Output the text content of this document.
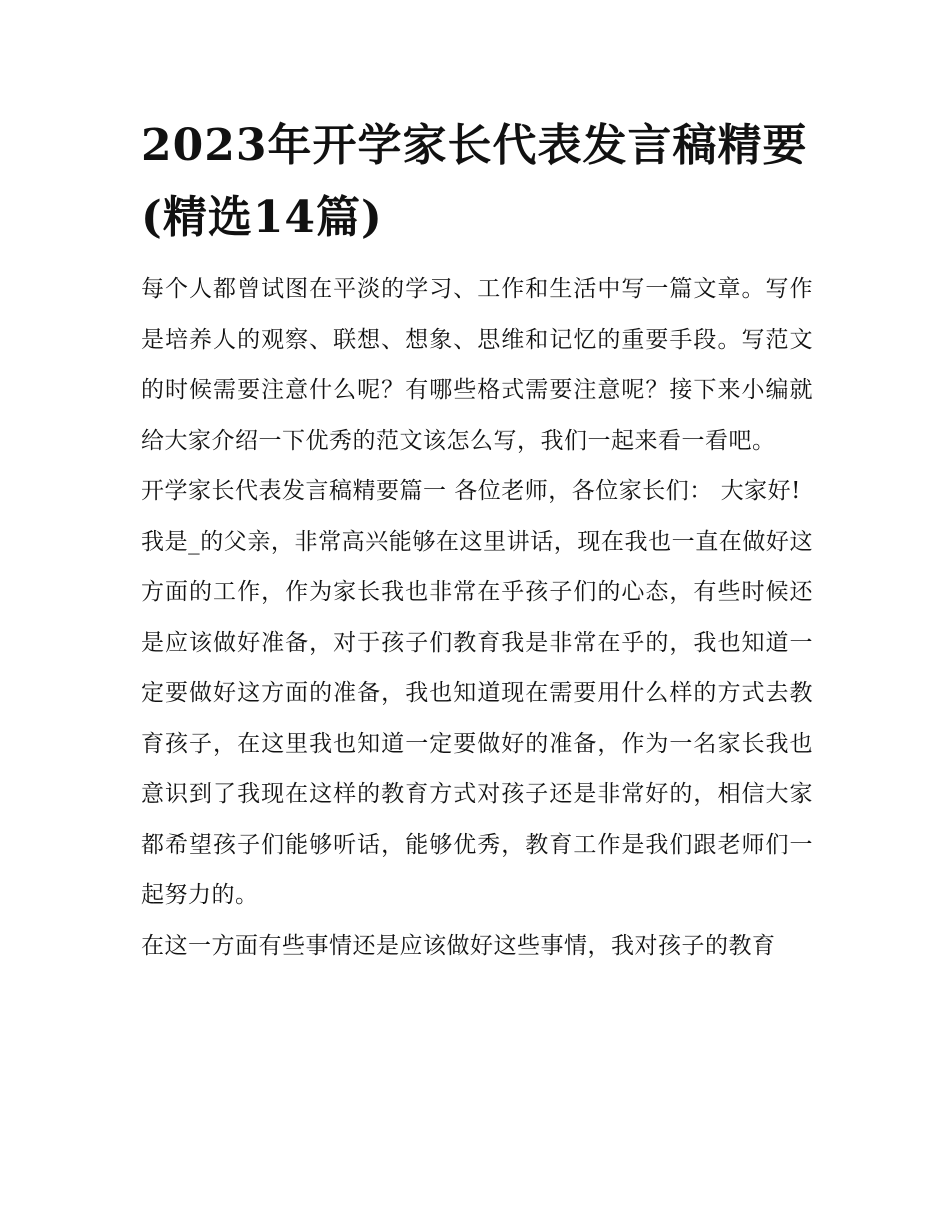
2023年开学家长代表发言稿精要(精选14篇)

每个人都曾试图在平淡的学习、工作和生活中写一篇文章。写作是培养人的观察、联想、想象、思维和记忆的重要手段。写范文的时候需要注意什么呢？有哪些格式需要注意呢？接下来小编就给大家介绍一下优秀的范文该怎么写，我们一起来看一看吧。

开学家长代表发言稿精要篇一 各位老师，各位家长们： 大家好!

我是_的父亲，非常高兴能够在这里讲话，现在我也一直在做好这方面的工作，作为家长我也非常在乎孩子们的心态，有些时候还是应该做好准备，对于孩子们教育我是非常在乎的，我也知道一定要做好这方面的准备，我也知道现在需要用什么样的方式去教育孩子，在这里我也知道一定要做好的准备，作为一名家长我也意识到了我现在这样的教育方式对孩子还是非常好的，相信大家都希望孩子们能够听话，能够优秀，教育工作是我们跟老师们一起努力的。

在这一方面有些事情还是应该做好这些事情，我对孩子的教育
